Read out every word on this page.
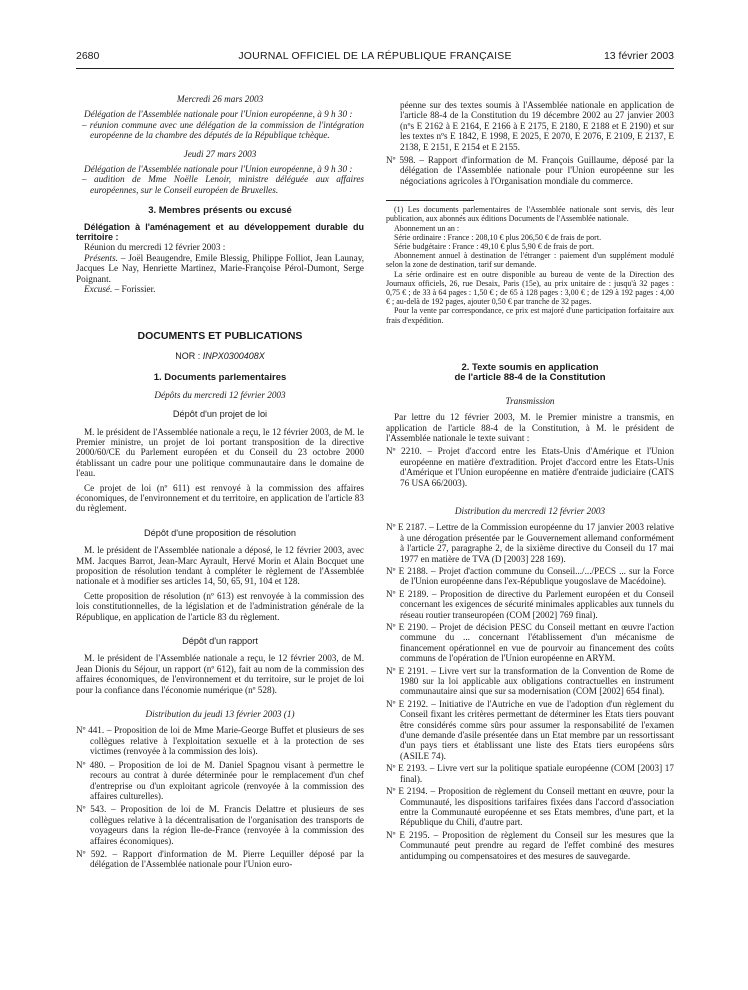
2680	JOURNAL OFFICIEL DE LA RÉPUBLIQUE FRANÇAISE	13 février 2003

Mercredi 26 mars 2003

Délégation de l'Assemblée nationale pour l'Union européenne, à 9 h 30 :

– réunion commune avec une délégation de la commission de l'intégration européenne de la chambre des députés de la République tchèque.

Jeudi 27 mars 2003

Délégation de l'Assemblée nationale pour l'Union européenne, à 9 h 30 :

– audition de Mme Noëlle Lenoir, ministre déléguée aux affaires européennes, sur le Conseil européen de Bruxelles.

3. Membres présents ou excusé

Délégation à l'aménagement et au développement durable du territoire :

Réunion du mercredi 12 février 2003 :

Présents. – Joël Beaugendre, Emile Blessig, Philippe Folliot, Jean Launay, Jacques Le Nay, Henriette Martinez, Marie-Françoise Pérol-Dumont, Serge Poignant.

Excusé. – Forissier.

DOCUMENTS ET PUBLICATIONS

NOR : INPX0300408X

1. Documents parlementaires

Dépôts du mercredi 12 février 2003

Dépôt d'un projet de loi

M. le président de l'Assemblée nationale a reçu, le 12 février 2003, de M. le Premier ministre, un projet de loi portant transposition de la directive 2000/60/CE du Parlement européen et du Conseil du 23 octobre 2000 établissant un cadre pour une politique communautaire dans le domaine de l'eau.

Ce projet de loi (nº 611) est renvoyé à la commission des affaires économiques, de l'environnement et du territoire, en application de l'article 83 du règlement.

Dépôt d'une proposition de résolution

M. le président de l'Assemblée nationale a déposé, le 12 février 2003, avec MM. Jacques Barrot, Jean-Marc Ayrault, Hervé Morin et Alain Bocquet une proposition de résolution tendant à compléter le règlement de l'Assemblée nationale et à modifier ses articles 14, 50, 65, 91, 104 et 128.

Cette proposition de résolution (nº 613) est renvoyée à la commission des lois constitutionnelles, de la législation et de l'administration générale de la République, en application de l'article 83 du règlement.

Dépôt d'un rapport

M. le président de l'Assemblée nationale a reçu, le 12 février 2003, de M. Jean Dionis du Séjour, un rapport (nº 612), fait au nom de la commission des affaires économiques, de l'environnement et du territoire, sur le projet de loi pour la confiance dans l'économie numérique (nº 528).

Distribution du jeudi 13 février 2003 (1)

Nº 441. – Proposition de loi de Mme Marie-George Buffet et plusieurs de ses collègues relative à l'exploitation sexuelle et à la protection de ses victimes (renvoyée à la commission des lois).

Nº 480. – Proposition de loi de M. Daniel Spagnou visant à permettre le recours au contrat à durée déterminée pour le remplacement d'un chef d'entreprise ou d'un exploitant agricole (renvoyée à la commission des affaires culturelles).

Nº 543. – Proposition de loi de M. Francis Delattre et plusieurs de ses collègues relative à la décentralisation de l'organisation des transports de voyageurs dans la région Ile-de-France (renvoyée à la commission des affaires économiques).

Nº 592. – Rapport d'information de M. Pierre Lequiller déposé par la délégation de l'Assemblée nationale pour l'Union euro-

péenne sur des textes soumis à l'Assemblée nationale en application de l'article 88-4 de la Constitution du 19 décembre 2002 au 27 janvier 2003 (nºs E 2162 à E 2164, E 2166 à E 2175, E 2180, E 2188 et E 2190) et sur les textes nºs E 1842, E 1998, E 2025, E 2070, E 2076, E 2109, E 2137, E 2138, E 2151, E 2154 et E 2155.

Nº 598. – Rapport d'information de M. François Guillaume, déposé par la délégation de l'Assemblée nationale pour l'Union européenne sur les négociations agricoles à l'Organisation mondiale du commerce.

(1) Les documents parlementaires de l'Assemblée nationale sont servis, dès leur publication, aux abonnés aux éditions Documents de l'Assemblée nationale.

Abonnement un an :

Série ordinaire : France : 208,10 € plus 206,50 € de frais de port.

Série budgétaire : France : 49,10 € plus 5,90 € de frais de port.

Abonnement annuel à destination de l'étranger : paiement d'un supplément modulé selon la zone de destination, tarif sur demande.

La série ordinaire est en outre disponible au bureau de vente de la Direction des Journaux officiels, 26, rue Desaix, Paris (15e), au prix unitaire de : jusqu'à 32 pages : 0,75 € ; de 33 à 64 pages : 1,50 € ; de 65 à 128 pages : 3,00 € ; de 129 à 192 pages : 4,00 € ; au-delà de 192 pages, ajouter 0,50 € par tranche de 32 pages.

Pour la vente par correspondance, ce prix est majoré d'une participation forfaitaire aux frais d'expédition.

2. Texte soumis en application

de l'article 88-4 de la Constitution

Transmission

Par lettre du 12 février 2003, M. le Premier ministre a transmis, en application de l'article 88-4 de la Constitution, à M. le président de l'Assemblée nationale le texte suivant :

Nº 2210. – Projet d'accord entre les Etats-Unis d'Amérique et l'Union européenne en matière d'extradition. Projet d'accord entre les Etats-Unis d'Amérique et l'Union européenne en matière d'entraide judiciaire (CATS 76 USA 66/2003).

Distribution du mercredi 12 février 2003

Nº E 2187. – Lettre de la Commission européenne du 17 janvier 2003 relative à une dérogation présentée par le Gouvernement allemand conformément à l'article 27, paragraphe 2, de la sixième directive du Conseil du 17 mai 1977 en matière de TVA (D [2003] 228 169).

Nº E 2188. – Projet d'action commune du Conseil.../.../PECS ... sur la Force de l'Union européenne dans l'ex-République yougoslave de Macédoine).

Nº E 2189. – Proposition de directive du Parlement européen et du Conseil concernant les exigences de sécurité minimales applicables aux tunnels du réseau routier transeuropéen (COM [2002] 769 final).

Nº E 2190. – Projet de décision PESC du Conseil mettant en œuvre l'action commune du ... concernant l'établissement d'un mécanisme de financement opérationnel en vue de pourvoir au financement des coûts communs de l'opération de l'Union européenne en ARYM.

Nº E 2191. – Livre vert sur la transformation de la Convention de Rome de 1980 sur la loi applicable aux obligations contractuelles en instrument communautaire ainsi que sur sa modernisation (COM [2002] 654 final).

Nº E 2192. – Initiative de l'Autriche en vue de l'adoption d'un règlement du Conseil fixant les critères permettant de déterminer les Etats tiers pouvant être considérés comme sûrs pour assumer la responsabilité de l'examen d'une demande d'asile présentée dans un Etat membre par un ressortissant d'un pays tiers et établissant une liste des Etats tiers européens sûrs (ASILE 74).

Nº E 2193. – Livre vert sur la politique spatiale européenne (COM [2003] 17 final).

Nº E 2194. – Proposition de règlement du Conseil mettant en œuvre, pour la Communauté, les dispositions tarifaires fixées dans l'accord d'association entre la Communauté européenne et ses Etats membres, d'une part, et la République du Chili, d'autre part.

Nº E 2195. – Proposition de règlement du Conseil sur les mesures que la Communauté peut prendre au regard de l'effet combiné des mesures antidumping ou compensatoires et des mesures de sauvegarde.
